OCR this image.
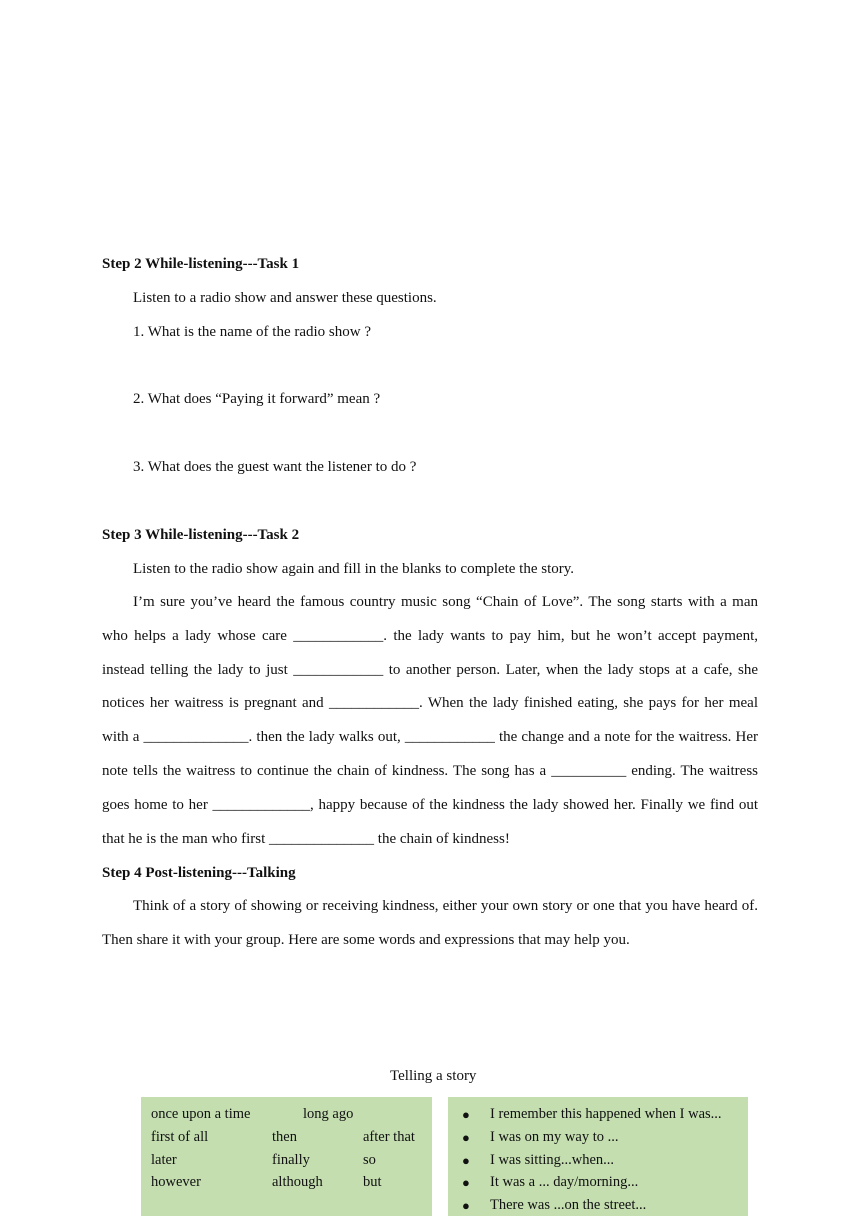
Step 2 While-listening---Task 1
Listen to a radio show and answer these questions.
1. What is the name of the radio show ?
2. What does “Paying it forward” mean ?
3. What does the guest want the listener to do ?
Step 3 While-listening---Task 2
Listen to the radio show again and fill in the blanks to complete the story.
I’m sure you’ve heard the famous country music song “Chain of Love”. The song starts with a man who helps a lady whose care ____________. the lady wants to pay him, but he won’t accept payment, instead telling the lady to just ____________ to another person. Later, when the lady stops at a cafe, she notices her waitress is pregnant and ____________. When the lady finished eating, she pays for her meal with a ______________. then the lady walks out, ____________ the change and a note for the waitress. Her note tells the waitress to continue the chain of kindness. The song has a __________ ending. The waitress goes home to her _____________, happy because of the kindness the lady showed her. Finally we find out that he is the man who first ______________ the chain of kindness!
Step 4 Post-listening---Talking
Think of a story of showing or receiving kindness, either your own story or one that you have heard of. Then share it with your group. Here are some words and expressions that may help you.
Telling a story
once upon a time	long ago
first of all	then	after that
later	finally	so
however	although	but
● I remember this happened when I was...
● I was on my way to ...
● I was sitting...when...
● It was a ... day/morning...
● There was ...on the street...
